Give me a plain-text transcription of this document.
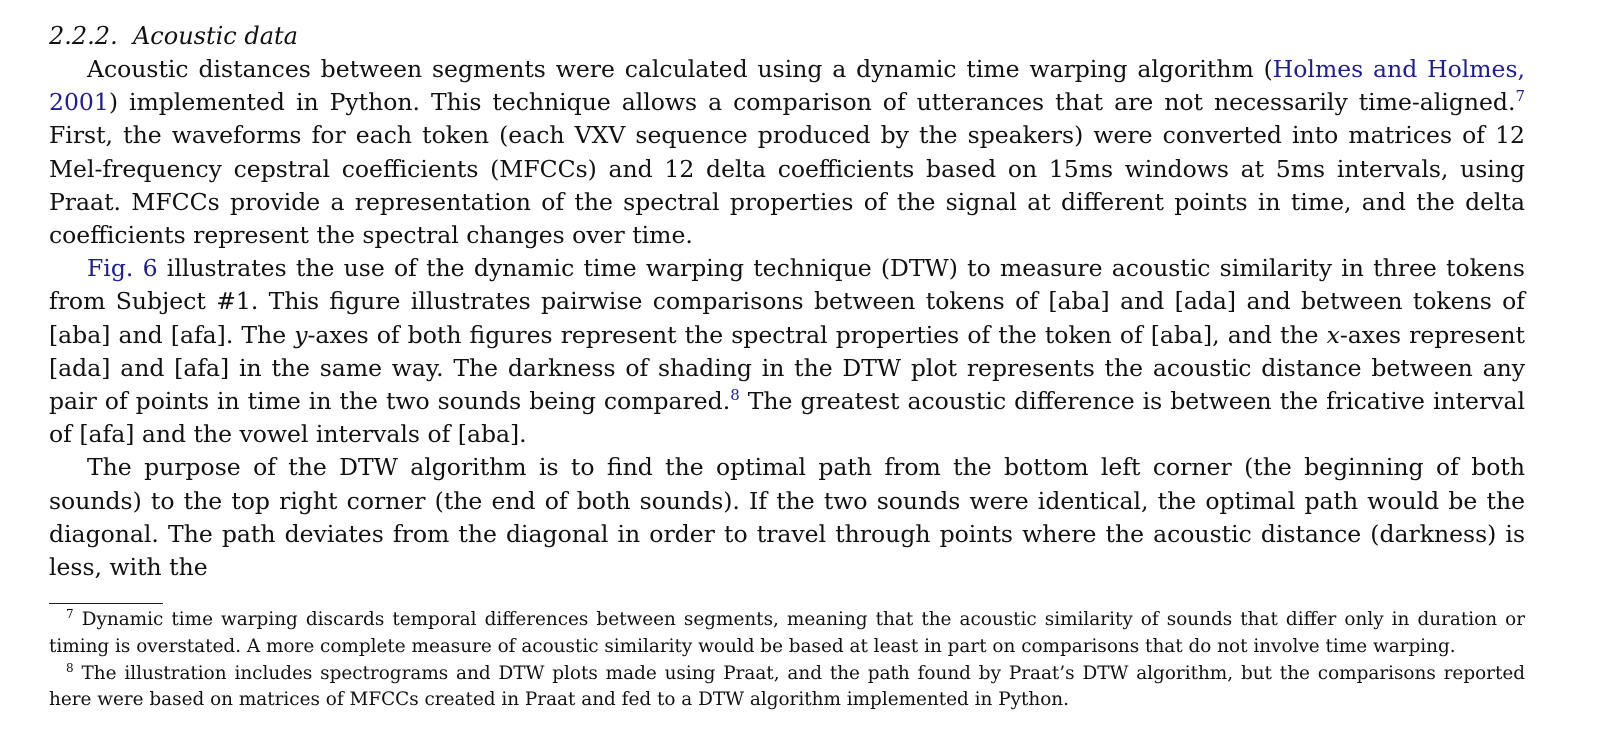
2.2.2. Acoustic data

Acoustic distances between segments were calculated using a dynamic time warping algorithm (Holmes and Holmes, 2001) implemented in Python. This technique allows a comparison of utterances that are not necessarily time-aligned.$^7$ First, the waveforms for each token (each VXV sequence produced by the speakers) were converted into matrices of 12 Mel-frequency cepstral coefficients (MFCCs) and 12 delta coefficients based on 15ms windows at 5ms intervals, using Praat. MFCCs provide a representation of the spectral properties of the signal at different points in time, and the delta coefficients represent the spectral changes over time.

Fig. 6 illustrates the use of the dynamic time warping technique (DTW) to measure acoustic similarity in three tokens from Subject #1. This figure illustrates pairwise comparisons between tokens of [aba] and [ada] and between tokens of [aba] and [afa]. The y-axes of both figures represent the spectral properties of the token of [aba], and the x-axes represent [ada] and [afa] in the same way. The darkness of shading in the DTW plot represents the acoustic distance between any pair of points in time in the two sounds being compared.$^8$ The greatest acoustic difference is between the fricative interval of [afa] and the vowel intervals of [aba].

The purpose of the DTW algorithm is to find the optimal path from the bottom left corner (the beginning of both sounds) to the top right corner (the end of both sounds). If the two sounds were identical, the optimal path would be the diagonal. The path deviates from the diagonal in order to travel through points where the acoustic distance (darkness) is less, with the

$^7$ Dynamic time warping discards temporal differences between segments, meaning that the acoustic similarity of sounds that differ only in duration or timing is overstated. A more complete measure of acoustic similarity would be based at least in part on comparisons that do not involve time warping.

$^8$ The illustration includes spectrograms and DTW plots made using Praat, and the path found by Praat’s DTW algorithm, but the comparisons reported here were based on matrices of MFCCs created in Praat and fed to a DTW algorithm implemented in Python.
